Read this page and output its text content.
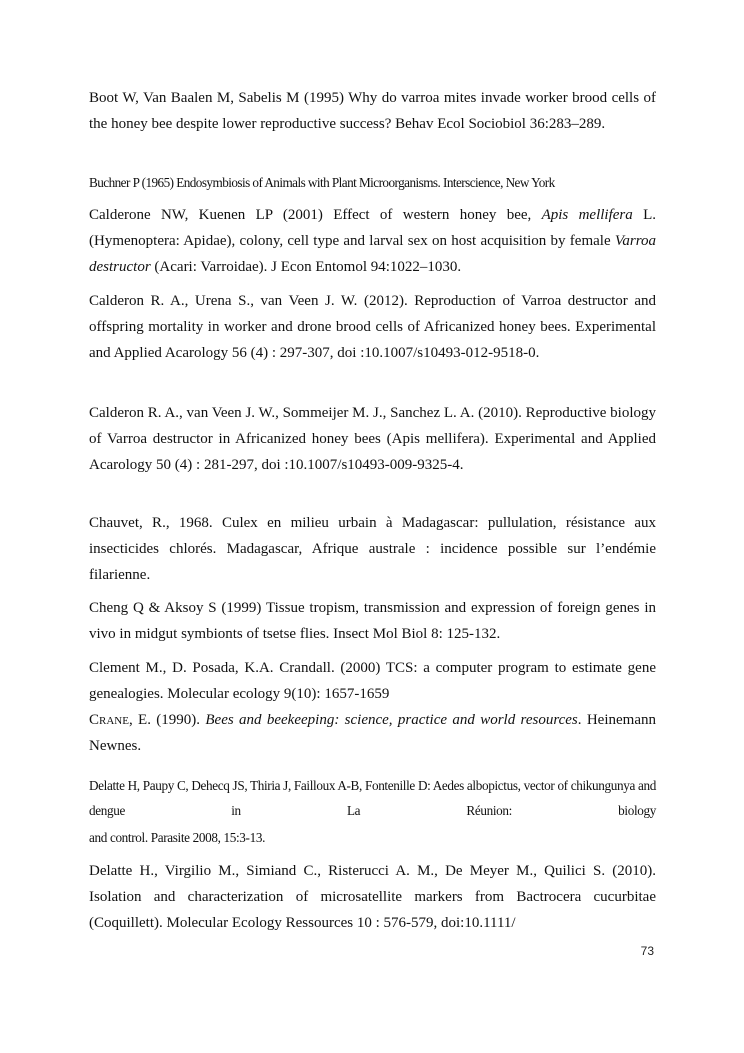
Boot W, Van Baalen M, Sabelis M (1995) Why do varroa mites invade worker brood cells of the honey bee despite lower reproductive success? Behav Ecol Sociobiol 36:283–289.

Buchner P (1965) Endosymbiosis of Animals with Plant Microorganisms. Interscience, New York

Calderone NW, Kuenen LP (2001) Effect of western honey bee, Apis mellifera L. (Hymenoptera: Apidae), colony, cell type and larval sex on host acquisition by female Varroa destructor (Acari: Varroidae). J Econ Entomol 94:1022–1030.

Calderon R. A., Urena S., van Veen J. W. (2012). Reproduction of Varroa destructor and offspring mortality in worker and drone brood cells of Africanized honey bees. Experimental and Applied Acarology 56 (4) : 297-307, doi :10.1007/s10493-012-9518-0.

Calderon R. A., van Veen J. W., Sommeijer M. J., Sanchez L. A. (2010). Reproductive biology of Varroa destructor in Africanized honey bees (Apis mellifera). Experimental and Applied Acarology 50 (4) : 281-297, doi :10.1007/s10493-009-9325-4.

Chauvet, R., 1968. Culex en milieu urbain à Madagascar: pullulation, résistance aux insecticides chlorés. Madagascar, Afrique australe : incidence possible sur l’endémie filarienne.

Cheng Q & Aksoy S (1999) Tissue tropism, transmission and expression of foreign genes in vivo in midgut symbionts of tsetse flies. Insect Mol Biol 8: 125-132.

Clement M., D. Posada, K.A. Crandall. (2000) TCS: a computer program to estimate gene genealogies. Molecular ecology 9(10): 1657-1659

Crane, E. (1990). Bees and beekeeping: science, practice and world resources. Heinemann Newnes.

Delatte H, Paupy C, Dehecq JS, Thiria J, Failloux A-B, Fontenille D: Aedes albopictus, vector of chikungunya and dengue in La Réunion: biology

and control. Parasite 2008, 15:3-13.

Delatte H., Virgilio M., Simiand C., Risterucci A. M., De Meyer M., Quilici S. (2010). Isolation and characterization of microsatellite markers from Bactrocera cucurbitae (Coquillett). Molecular Ecology Ressources 10 : 576-579, doi:10.1111/

73
